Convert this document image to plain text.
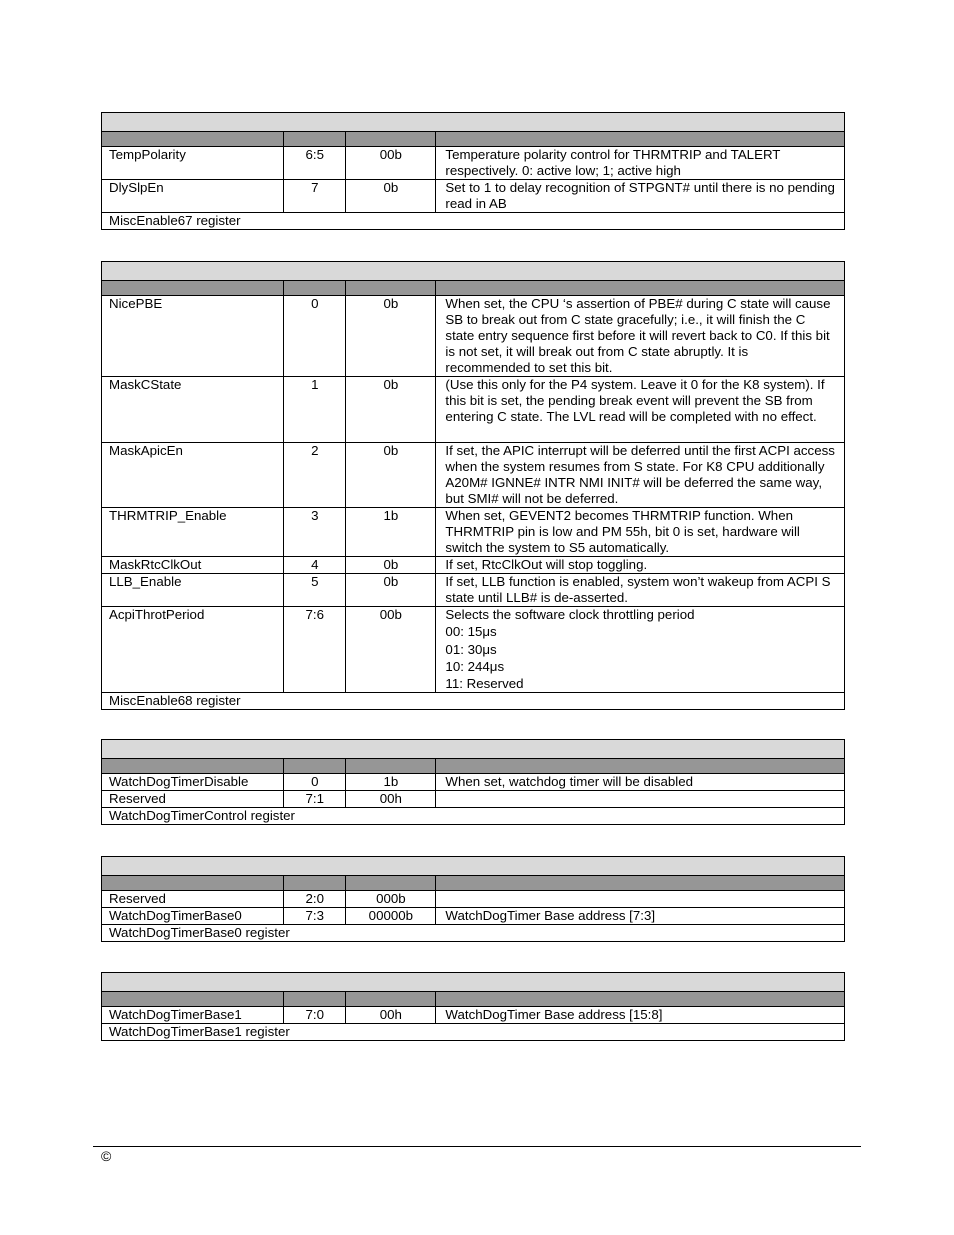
TempPolarity	6:5	00b	Temperature polarity control for THRMTRIP and TALERT respectively. 0: active low; 1; active high
DlySlpEn	7	0b	Set to 1 to delay recognition of STPGNT# until there is no pending read in AB
MiscEnable67 register			

NicePBE	0	0b	When set, the CPU ‘s assertion of PBE# during C state will cause SB to break out from C state gracefully; i.e., it will finish the C state entry sequence first before it will revert back to C0. If this bit is not set, it will break out from C state abruptly. It is recommended to set this bit.
MaskCState	1	0b	(Use this only for the P4 system. Leave it 0 for the K8 system). If this bit is set, the pending break event will prevent the SB from entering C state. The LVL read will be completed with no effect.
MaskApicEn	2	0b	If set, the APIC interrupt will be deferred until the first ACPI access when the system resumes from S state. For K8 CPU additionally A20M# IGNNE# INTR NMI INIT# will be deferred the same way, but SMI# will not be deferred.
THRMTRIP_Enable	3	1b	When set, GEVENT2 becomes THRMTRIP function. When THRMTRIP pin is low and PM 55h, bit 0 is set, hardware will switch the system to S5 automatically.
MaskRtcClkOut	4	0b	If set, RtcClkOut will stop toggling.
LLB_Enable	5	0b	If set, LLB function is enabled, system won’t wakeup from ACPI S state until LLB# is de-asserted.
AcpiThrotPeriod	7:6	00b	Selects the software clock throttling period
00: 15μs
01: 30μs
10: 244μs
11: Reserved

MiscEnable68 register			

WatchDogTimerDisable	0	1b	When set, watchdog timer will be disabled
Reserved	7:1	00h	
WatchDogTimerControl register			

Reserved	2:0	000b	
WatchDogTimerBase0	7:3	00000b	WatchDogTimer Base address [7:3]
WatchDogTimerBase0 register			

WatchDogTimerBase1	7:0	00h	WatchDogTimer Base address [15:8]
WatchDogTimerBase1 register			
©
